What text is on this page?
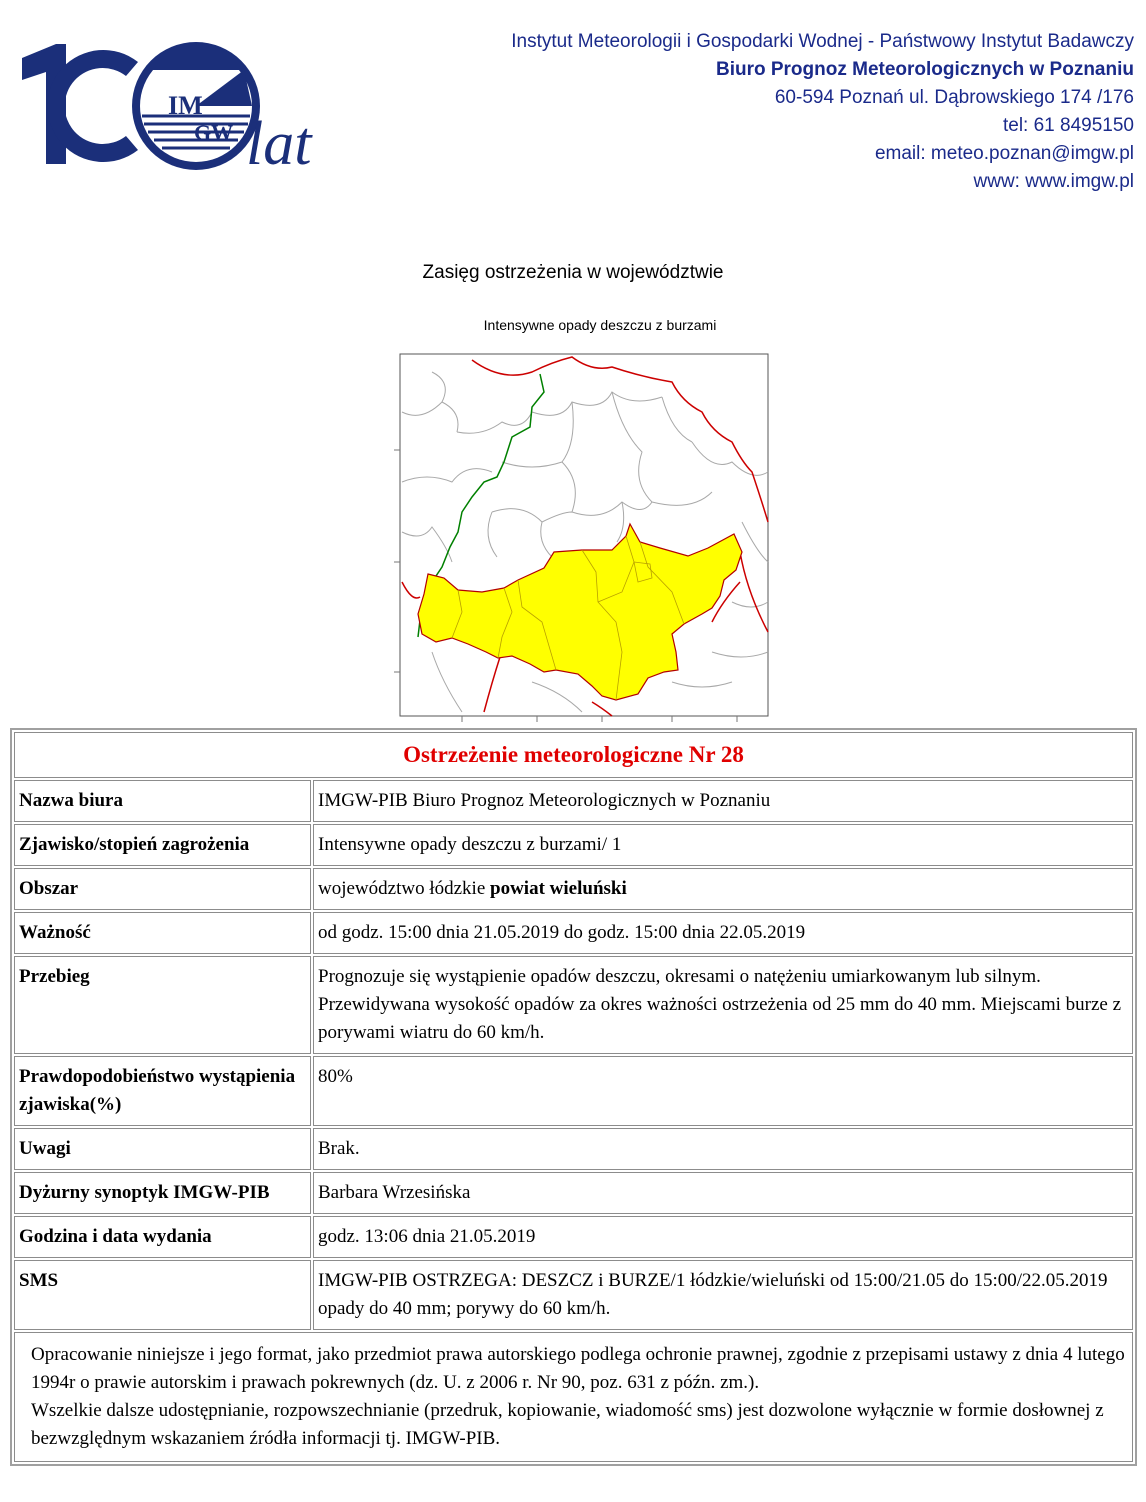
IM
GW lat
Instytut Meteorologii i Gospodarki Wodnej - Państwowy Instytut Badawczy
Biuro Prognoz Meteorologicznych w Poznaniu
60-594 Poznań ul. Dąbrowskiego 174 /176
tel: 61 8495150
email: meteo.poznan@imgw.pl
www: www.imgw.pl
Zasięg ostrzeżenia w województwie
Intensywne opady deszczu z burzami
Ostrzeżenie meteorologiczne Nr 28	
Nazwa biura	IMGW-PIB Biuro Prognoz Meteorologicznych w Poznaniu
Zjawisko/stopień zagrożenia	Intensywne opady deszczu z burzami/ 1
Obszar	województwo łódzkie powiat wieluński
Ważność	od godz. 15:00 dnia 21.05.2019 do godz. 15:00 dnia 22.05.2019
Przebieg	Prognozuje się wystąpienie opadów deszczu, okresami o natężeniu umiarkowanym lub silnym. Przewidywana wysokość opadów za okres ważności ostrzeżenia od 25 mm do 40 mm. Miejscami burze z porywami wiatru do 60 km/h.
Prawdopodobieństwo wystąpienia zjawiska(%)	80%
Uwagi	Brak.
Dyżurny synoptyk IMGW-PIB	Barbara Wrzesińska
Godzina i data wydania	godz. 13:06 dnia 21.05.2019
SMS	IMGW-PIB OSTRZEGA: DESZCZ i BURZE/1 łódzkie/wieluński od 15:00/21.05 do 15:00/22.05.2019 opady do 40 mm; porywy do 60 km/h.

Opracowanie niniejsze i jego format, jako przedmiot prawa autorskiego podlega ochronie prawnej, zgodnie z przepisami ustawy z dnia 4 lutego 1994r o prawie autorskim i prawach pokrewnych (dz. U. z 2006 r. Nr 90, poz. 631 z późn. zm.).
Wszelkie dalsze udostępnianie, rozpowszechnianie (przedruk, kopiowanie, wiadomość sms) jest dozwolone wyłącznie w formie dosłownej z bezwzględnym wskazaniem źródła informacji tj. IMGW-PIB.	
